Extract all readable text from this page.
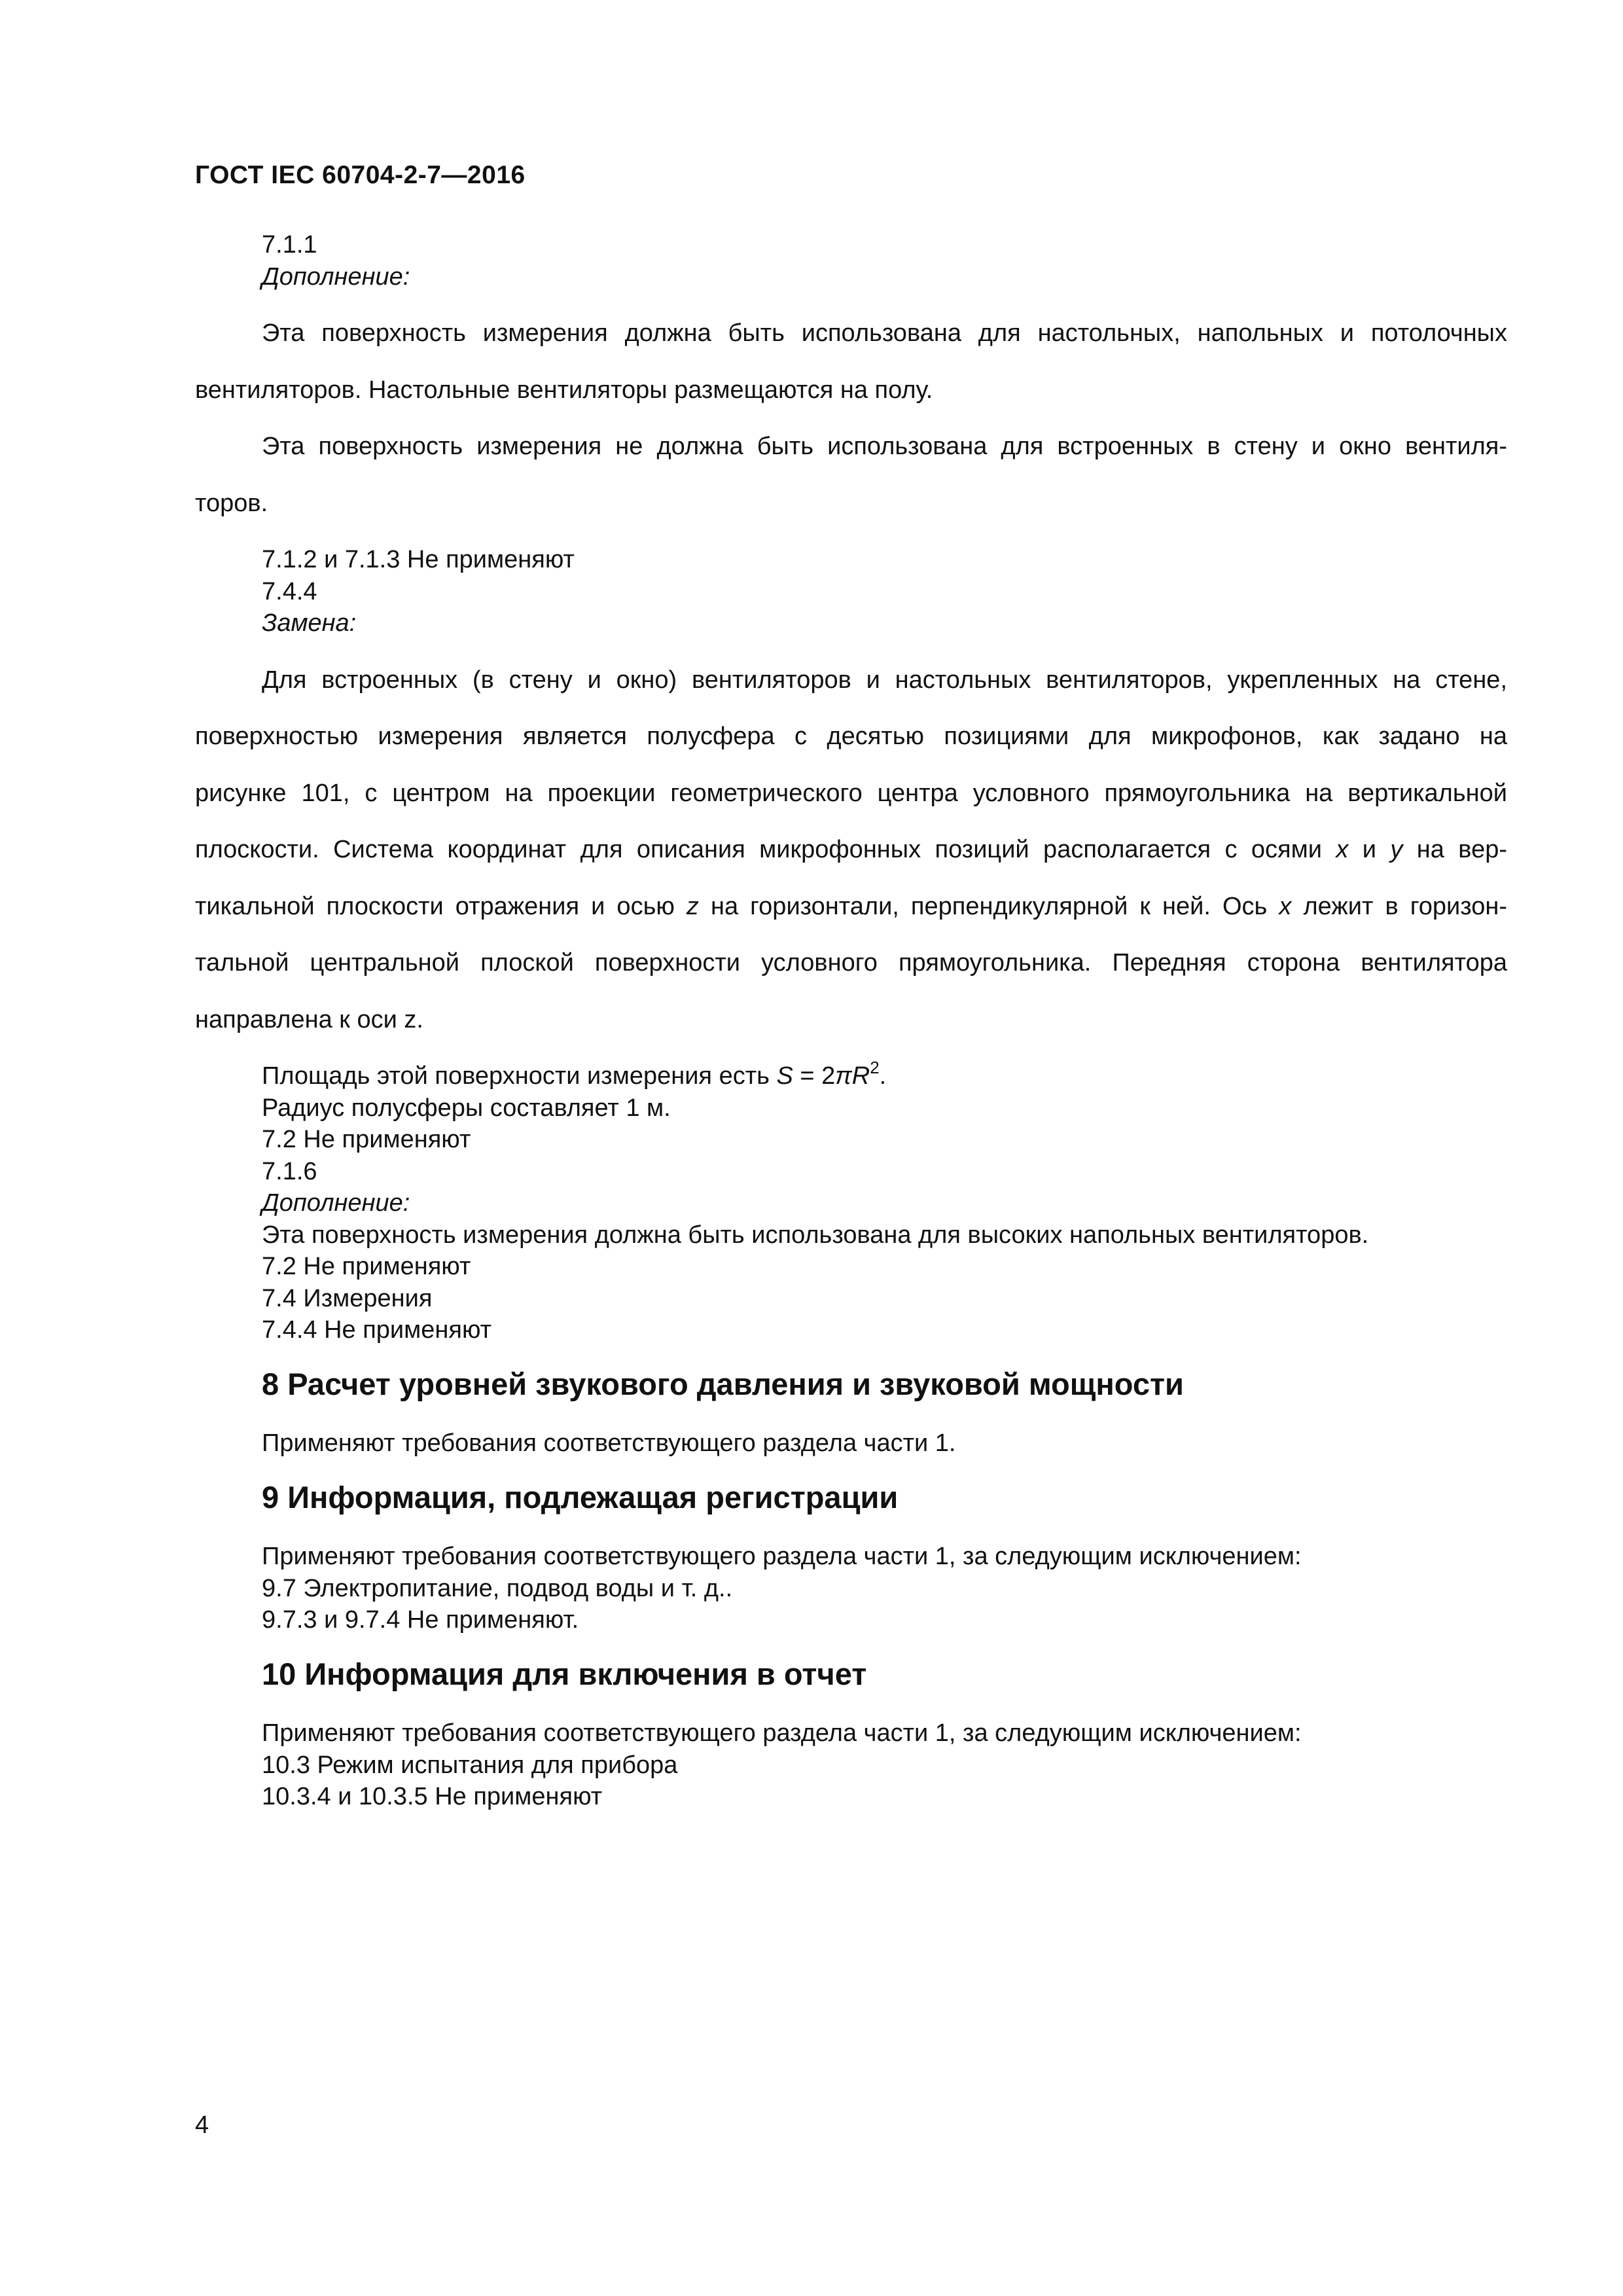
ГОСТ IEC 60704-2-7—2016

7.1.1

Дополнение:

Эта поверхность измерения должна быть использована для настольных, напольных и потолочных

вентиляторов. Настольные вентиляторы размещаются на полу.

Эта поверхность измерения не должна быть использована для встроенных в стену и окно вентиля-

торов.

7.1.2 и 7.1.3 Не применяют

7.4.4

Замена:

Для встроенных (в стену и окно) вентиляторов и настольных вентиляторов, укрепленных на стене,

поверхностью измерения является полусфера с десятью позициями для микрофонов, как задано на

рисунке 101, с центром на проекции геометрического центра условного прямоугольника на вертикальной

плоскости. Система координат для описания микрофонных позиций располагается с осями x и y на вер-

тикальной плоскости отражения и осью z на горизонтали, перпендикулярной к ней. Ось x лежит в горизон-

тальной центральной плоской поверхности условного прямоугольника. Передняя сторона вентилятора

направлена к оси z.

Площадь этой поверхности измерения есть $S = 2\pi R^2$.

Радиус полусферы составляет 1 м.

7.2 Не применяют

7.1.6

Дополнение:

Эта поверхность измерения должна быть использована для высоких напольных вентиляторов.

7.2 Не применяют

7.4 Измерения

7.4.4 Не применяют

8 Расчет уровней звукового давления и звуковой мощности

Применяют требования соответствующего раздела части 1.

9 Информация, подлежащая регистрации

Применяют требования соответствующего раздела части 1, за следующим исключением:

9.7 Электропитание, подвод воды и т. д..

9.7.3 и 9.7.4 Не применяют.

10 Информация для включения в отчет

Применяют требования соответствующего раздела части 1, за следующим исключением:

10.3 Режим испытания для прибора

10.3.4 и 10.3.5 Не применяют

4
